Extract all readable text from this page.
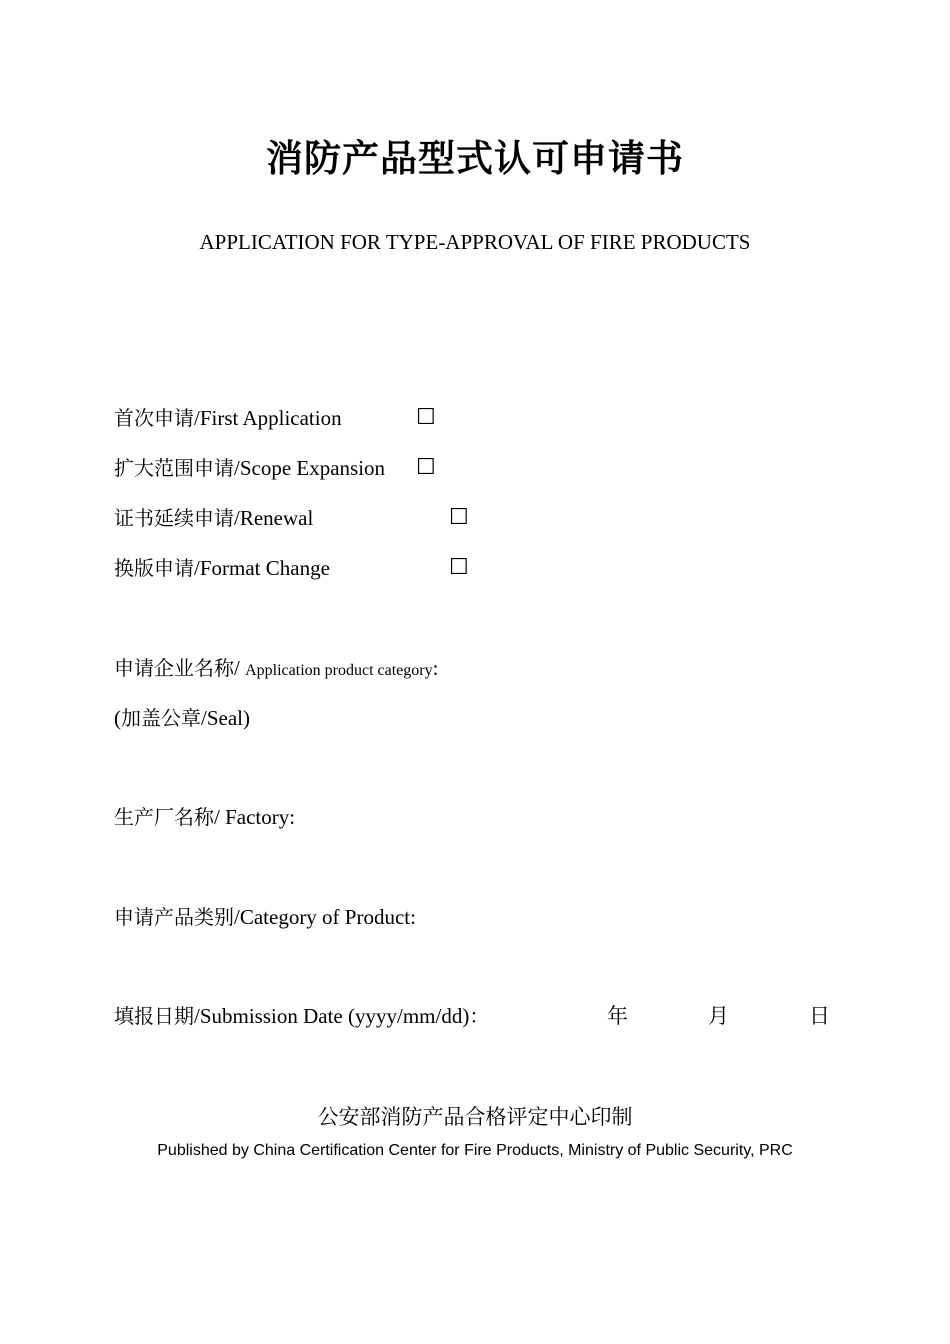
消防产品型式认可申请书
APPLICATION FOR TYPE-APPROVAL OF FIRE PRODUCTS
首次申请/First Application	☐
扩大范围申请/Scope Expansion ☐
证书延续申请/Renewal	☐
换版申请/Format Change	☐
申请企业名称/ Application product category:
(加盖公章/Seal)
生产厂名称/ Factory:
申请产品类别/Category of Product:
填报日期/Submission Date (yyyy/mm/dd)：	年	月	日
公安部消防产品合格评定中心印制
Published by China Certification Center for Fire Products, Ministry of Public Security, PRC
